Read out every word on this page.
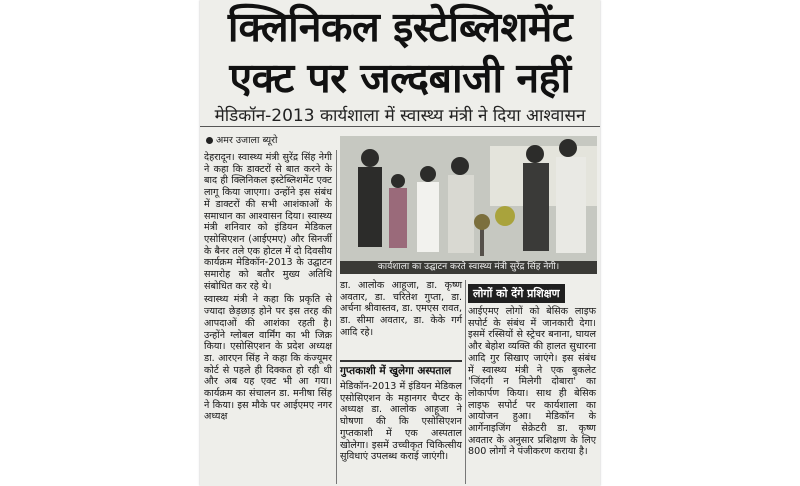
क्लिनिकल इस्टेब्लिशमेंट
एक्ट पर जल्दबाजी नहीं
मेडिकॉन-2013 कार्यशाला में स्वास्थ्य मंत्री ने दिया आश्वासन
अमर उजाला ब्यूरो

देहरादून। स्वास्थ्य मंत्री सुरेंद्र सिंह नेगी ने कहा कि डाक्टरों से बात करने के बाद ही क्लिनिकल इस्टेब्लिशमेंट एक्ट लागू किया जाएगा। उन्होंने इस संबंध में डाक्टरों की सभी आशंकाओं के समाधान का आश्वासन दिया। स्वास्थ्य मंत्री शनिवार को इंडियन मेडिकल एसोसिएशन (आईएमए) और सिनर्जी के बैनर तले एक होटल में दो दिवसीय कार्यक्रम मेडिकॉन-2013 के उद्घाटन समारोह को बतौर मुख्य अतिथि संबोधित कर रहे थे।

स्वास्थ्य मंत्री ने कहा कि प्रकृति से ज्यादा छेड़छाड़ होने पर इस तरह की आपदाओं की आशंका रहती है। उन्होंने ग्लोबल वार्मिंग का भी जिक्र किया। एसोसिएशन के प्रदेश अध्यक्ष डा. आरएन सिंह ने कहा कि कंज्यूमर कोर्ट से पहले ही दिक्कत हो रही थी और अब यह एक्ट भी आ गया। कार्यक्रम का संचालन डा. मनीषा सिंह ने किया। इस मौके पर आईएमए नगर अध्यक्ष

कार्यशाला का उद्घाटन करते स्वास्थ्य मंत्री सुरेंद्र सिंह नेगी।

डा. आलोक आहूजा, डा. कृष्ण अवतार, डा. चरितेश गुप्ता, डा. अर्चना श्रीवास्तव, डा. एमएस रावत, डा. सीमा अवतार, डा. केके गर्ग आदि रहे।

गुप्तकाशी में खुलेगा अस्पताल

मेडिकॉन-2013 में इंडियन मेडिकल एसोसिएशन के महानगर चैप्टर के अध्यक्ष डा. आलोक आहूजा ने घोषणा की कि एसोसिएशन गुप्तकाशी में एक अस्पताल खोलेगा। इसमें उच्चीकृत चिकित्सीय सुविधाएं उपलब्ध कराई जाएंगी।

लोगों को देंगे प्रशिक्षण

आईएमए लोगों को बेसिक लाइफ सपोर्ट के संबंध में जानकारी देगा। इसमें रस्सियों से स्ट्रेचर बनाना, घायल और बेहोश व्यक्ति की हालत सुधारना आदि गुर सिखाए जाएंगे। इस संबंध में स्वास्थ्य मंत्री ने एक बुकलेट 'जिंदगी न मिलेगी दोबारा' का लोकार्पण किया। साथ ही बेसिक लाइफ सपोर्ट पर कार्यशाला का आयोजन हुआ। मेडिकॉन के आर्गेनाइजिंग सेक्रेटरी डा. कृष्ण अवतार के अनुसार प्रशिक्षण के लिए 800 लोगों ने पंजीकरण कराया है।
